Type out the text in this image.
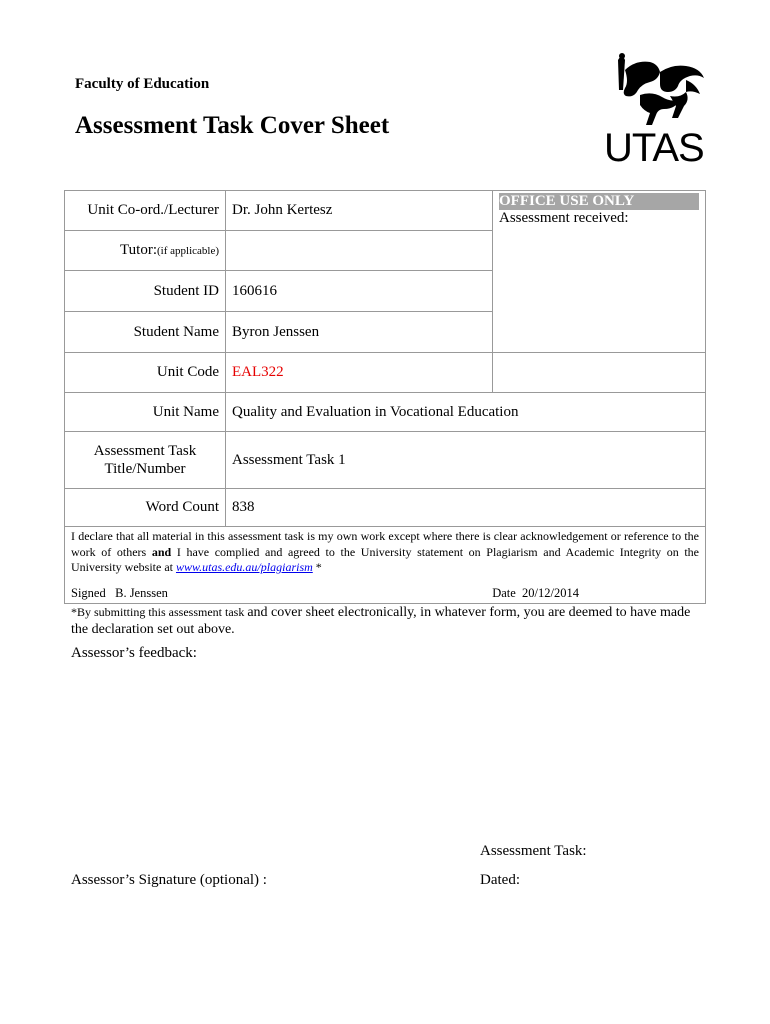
Faculty of Education
Assessment Task Cover Sheet
UTAS
Unit Co-ord./Lecturer	Dr. John Kertesz	OFFICE USE ONLY
Assessment received:
Tutor:(if applicable)		
Student ID	160616	
Student Name	Byron Jenssen	
Unit Code	EAL322	
Unit Name	Quality and Evaluation in Vocational Education	
Assessment Task Title/Number	Assessment Task 1	
Word Count	838	
I declare that all material in this assessment task is my own work except where there is clear acknowledgement or reference to the work of others and I have complied and agreed to the University statement on Plagiarism and Academic Integrity on the University website at www.utas.edu.au/plagiarism *
Signed B. Jenssen Date 20/12/2014		
*By submitting this assessment task and cover sheet electronically, in whatever form, you are deemed to have made the declaration set out above.
Assessor’s feedback:
Assessment Task:
Assessor’s Signature (optional) :	Dated:
